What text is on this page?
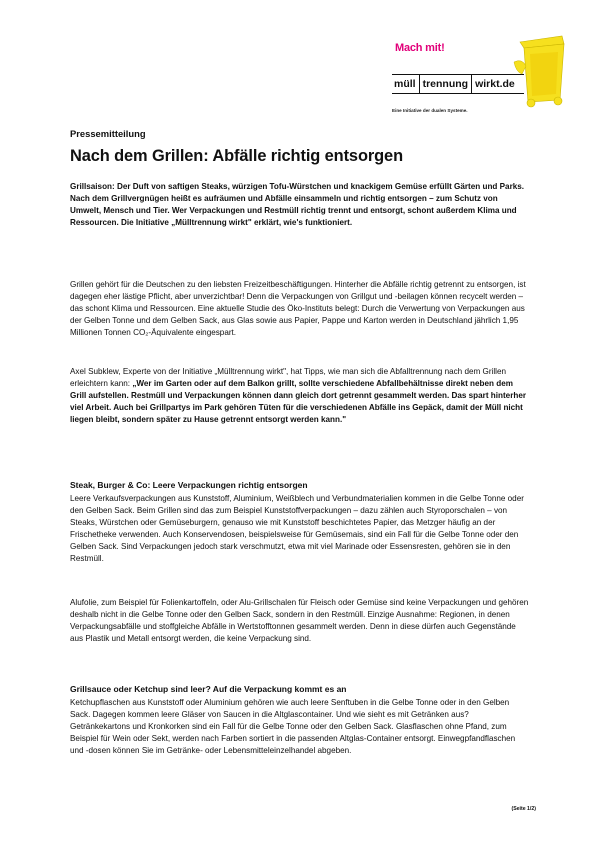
Mach mit!
müll trennung wirkt.de
Eine Initiative der dualen Systeme.
Pressemitteilung
Nach dem Grillen: Abfälle richtig entsorgen

Grillsaison: Der Duft von saftigen Steaks, würzigen Tofu-Würstchen und knackigem Gemüse erfüllt Gärten und Parks. Nach dem Grillvergnügen heißt es aufräumen und Abfälle einsammeln und richtig entsorgen – zum Schutz von Umwelt, Mensch und Tier. Wer Verpackungen und Restmüll richtig trennt und entsorgt, schont außerdem Klima und Ressourcen. Die Initiative „Mülltrennung wirkt" erklärt, wie's funktioniert.

Grillen gehört für die Deutschen zu den liebsten Freizeitbeschäftigungen. Hinterher die Abfälle richtig getrennt zu entsorgen, ist dagegen eher lästige Pflicht, aber unverzichtbar! Denn die Verpackungen von Grillgut und -beilagen können recycelt werden – das schont Klima und Ressourcen. Eine aktuelle Studie des Öko-Instituts belegt: Durch die Verwertung von Verpackungen aus der Gelben Tonne und dem Gelben Sack, aus Glas sowie aus Papier, Pappe und Karton werden in Deutschland jährlich 1,95 Millionen Tonnen CO₂-Äquivalente eingespart.

Axel Subklew, Experte von der Initiative „Mülltrennung wirkt", hat Tipps, wie man sich die Abfalltrennung nach dem Grillen erleichtern kann: „Wer im Garten oder auf dem Balkon grillt, sollte verschiedene Abfallbehältnisse direkt neben dem Grill aufstellen. Restmüll und Verpackungen können dann gleich dort getrennt gesammelt werden. Das spart hinterher viel Arbeit. Auch bei Grillpartys im Park gehören Tüten für die verschiedenen Abfälle ins Gepäck, damit der Müll nicht liegen bleibt, sondern später zu Hause getrennt entsorgt werden kann."

Steak, Burger & Co: Leere Verpackungen richtig entsorgen

Leere Verkaufsverpackungen aus Kunststoff, Aluminium, Weißblech und Verbundmaterialien kommen in die Gelbe Tonne oder den Gelben Sack. Beim Grillen sind das zum Beispiel Kunststoffverpackungen – dazu zählen auch Styroporschalen – von Steaks, Würstchen oder Gemüseburgern, genauso wie mit Kunststoff beschichtetes Papier, das Metzger häufig an der Frischetheke verwenden. Auch Konservendosen, beispielsweise für Gemüsemais, sind ein Fall für die Gelbe Tonne oder den Gelben Sack. Sind Verpackungen jedoch stark verschmutzt, etwa mit viel Marinade oder Essensresten, gehören sie in den Restmüll.

Alufolie, zum Beispiel für Folienkartoffeln, oder Alu-Grillschalen für Fleisch oder Gemüse sind keine Verpackungen und gehören deshalb nicht in die Gelbe Tonne oder den Gelben Sack, sondern in den Restmüll. Einzige Ausnahme: Regionen, in denen Verpackungsabfälle und stoffgleiche Abfälle in Wertstofftonnen gesammelt werden. Denn in diese dürfen auch Gegenstände aus Plastik und Metall entsorgt werden, die keine Verpackung sind.

Grillsauce oder Ketchup sind leer? Auf die Verpackung kommt es an

Ketchupflaschen aus Kunststoff oder Aluminium gehören wie auch leere Senftuben in die Gelbe Tonne oder in den Gelben Sack. Dagegen kommen leere Gläser von Saucen in die Altglascontainer. Und wie sieht es mit Getränken aus? Getränkekartons und Kronkorken sind ein Fall für die Gelbe Tonne oder den Gelben Sack. Glasflaschen ohne Pfand, zum Beispiel für Wein oder Sekt, werden nach Farben sortiert in die passenden Altglas-Container entsorgt. Einwegpfandflaschen und -dosen können Sie im Getränke- oder Lebensmitteleinzelhandel abgeben.

(Seite 1/2)
